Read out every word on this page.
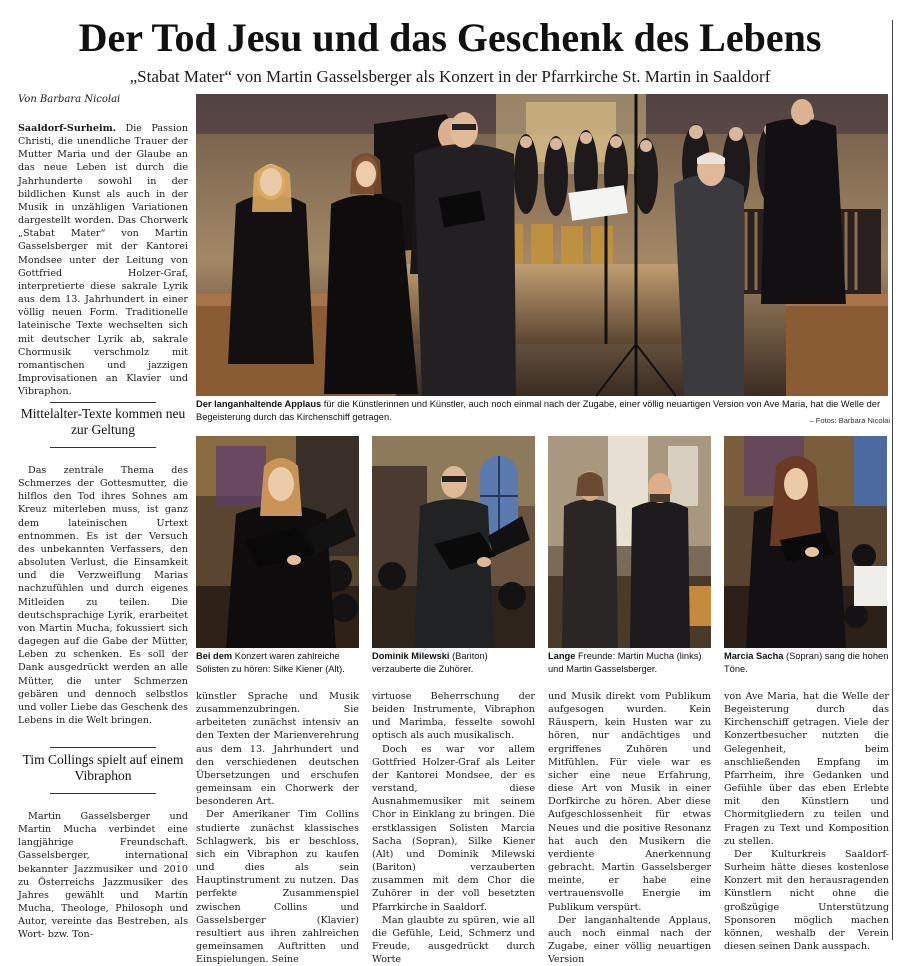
Der Tod Jesu und das Geschenk des Lebens
„Stabat Mater“ von Martin Gasselsberger als Konzert in der Pfarrkirche St. Martin in Saaldorf
Von Barbara Nicolai

Saaldorf-Surheim. Die Passion Christi, die unendliche Trauer der Mutter Maria und der Glaube an das neue Leben ist durch die Jahrhunderte sowohl in der bildlichen Kunst als auch in der Musik in unzähligen Variationen dargestellt worden. Das Chorwerk „Stabat Mater“ von Martin Gasselsberger mit der Kantorei Mondsee unter der Leitung von Gottfried Holzer-Graf, interpretierte diese sakrale Lyrik aus dem 13. Jahrhundert in einer völlig neuen Form. Traditionelle lateinische Texte wechselten sich mit deutscher Lyrik ab, sakrale Chormusik verschmolz mit romantischen und jazzigen Improvisationen an Klavier und Vibraphon.

Mittelalter-Texte kommen neu zur Geltung

Das zentrale Thema des Schmerzes der Gottesmutter, die hilflos den Tod ihres Sohnes am Kreuz miterleben muss, ist ganz dem lateinischen Urtext entnommen. Es ist der Versuch des unbekannten Verfassers, den absoluten Verlust, die Einsamkeit und die Verzweiflung Marias nachzufühlen und durch eigenes Mitleiden zu teilen. Die deutschsprachige Lyrik, erarbeitet von Martin Mucha, fokussiert sich dagegen auf die Gabe der Mütter, Leben zu schenken. Es soll der Dank ausgedrückt werden an alle Mütter, die unter Schmerzen gebären und dennoch selbstlos und voller Liebe das Geschenk des Lebens in die Welt bringen.

Tim Collings spielt auf einem Vibraphon

Martin Gasselsberger und Martin Mucha verbindet eine langjährige Freundschaft. Gasselsberger, international bekannter Jazzmusiker und 2010 zu Österreichs Jazzmusiker des Jahres gewählt und Martin Mucha, Theologe, Philosoph und Autor, vereinte das Bestreben, als Wort- bzw. Ton-

Der langanhaltende Applaus für die Künstlerinnen und Künstler, auch noch einmal nach der Zugabe, einer völlig neuartigen Version von Ave Maria, hat die Welle der Begeisterung durch das Kirchenschiff getragen.	– Fotos: Barbara Nicolai
Bei dem Konzert waren zahlreiche Solisten zu hören: Silke Kiener (Alt).
Dominik Milewski (Bariton) verzauberte die Zuhörer.
Lange Freunde: Martin Mucha (links) und Martin Gasselsberger.
Marcia Sacha (Sopran) sang die hohen Töne.

künstler Sprache und Musik zusammenzubringen. Sie arbeiteten zunächst intensiv an den Texten der Marienverehrung aus dem 13. Jahrhundert und den verschiedenen deutschen Übersetzungen und erschufen gemeinsam ein Chorwerk der besonderen Art.

Der Amerikaner Tim Collins studierte zunächst klassisches Schlagwerk, bis er beschloss, sich ein Vibraphon zu kaufen und dies als sein Hauptinstrument zu nutzen. Das perfekte Zusammenspiel zwischen Collins und Gasselsberger (Klavier) resultiert aus ihren zahlreichen gemeinsamen Auftritten und Einspielungen. Seine

virtuose Beherrschung der beiden Instrumente, Vibraphon und Marimba, fesselte sowohl optisch als auch musikalisch.

Doch es war vor allem Gottfried Holzer-Graf als Leiter der Kantorei Mondsee, der es verstand, diese Ausnahmemusiker mit seinem Chor in Einklang zu bringen. Die erstklassigen Solisten Marcia Sacha (Sopran), Silke Kiener (Alt) und Dominik Milewski (Bariton) verzauberten zusammen mit dem Chor die Zuhörer in der voll besetzten Pfarrkirche in Saaldorf.

Man glaubte zu spüren, wie all die Gefühle, Leid, Schmerz und Freude, ausgedrückt durch Worte

und Musik direkt vom Publikum aufgesogen wurden. Kein Räuspern, kein Husten war zu hören, nur andächtiges und ergriffenes Zuhören und Mitfühlen. Für viele war es sicher eine neue Erfahrung, diese Art von Musik in einer Dorfkirche zu hören. Aber diese Aufgeschlossenheit für etwas Neues und die positive Resonanz hat auch den Musikern die verdiente Anerkennung gebracht. Martin Gasselsberger meinte, er habe eine vertrauensvolle Energie im Publikum verspürt.

Der langanhaltende Applaus, auch noch einmal nach der Zugabe, einer völlig neuartigen Version

von Ave Maria, hat die Welle der Begeisterung durch das Kirchenschiff getragen. Viele der Konzertbesucher nutzten die Gelegenheit, beim anschließenden Empfang im Pfarrheim, ihre Gedanken und Gefühle über das eben Erlebte mit den Künstlern und Chormitgliedern zu teilen und Fragen zu Text und Komposition zu stellen.

Der Kulturkreis Saaldorf-Surheim hätte dieses kostenlose Konzert mit den herausragenden Künstlern nicht ohne die großzügige Unterstützung Sponsoren möglich machen können, weshalb der Verein diesen seinen Dank ausspach.
